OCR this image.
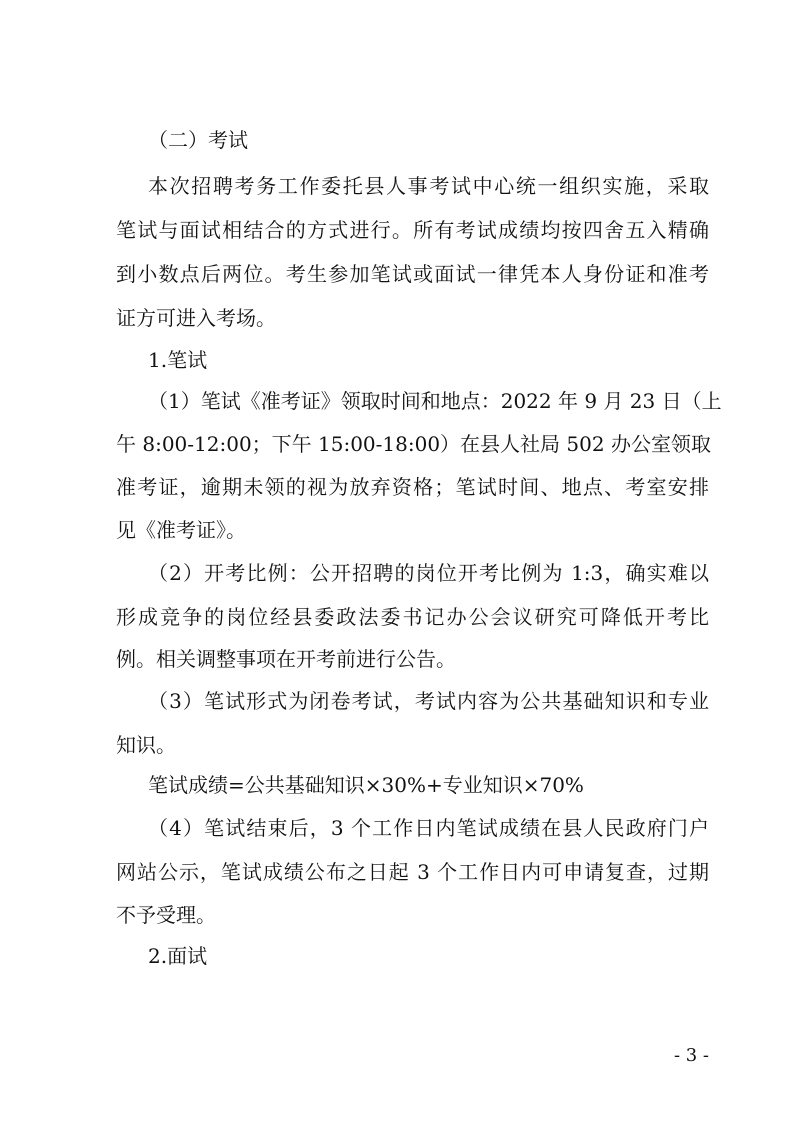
（二）考试
本次招聘考务工作委托县人事考试中心统一组织实施，采取
笔试与面试相结合的方式进行。所有考试成绩均按四舍五入精确
到小数点后两位。考生参加笔试或面试一律凭本人身份证和准考
证方可进入考场。
1.笔试
（1）笔试《准考证》领取时间和地点：2022 年 9 月 23 日（上
午 8:00-12:00；下午 15:00-18:00）在县人社局 502 办公室领取
准考证，逾期未领的视为放弃资格；笔试时间、地点、考室安排
见《准考证》。
（2）开考比例：公开招聘的岗位开考比例为 1:3，确实难以
形成竞争的岗位经县委政法委书记办公会议研究可降低开考比
例。相关调整事项在开考前进行公告。
（3）笔试形式为闭卷考试，考试内容为公共基础知识和专业
知识。
笔试成绩=公共基础知识×30%+专业知识×70%
（4）笔试结束后，3 个工作日内笔试成绩在县人民政府门户
网站公示，笔试成绩公布之日起 3 个工作日内可申请复查，过期
不予受理。
2.面试
- 3 -
